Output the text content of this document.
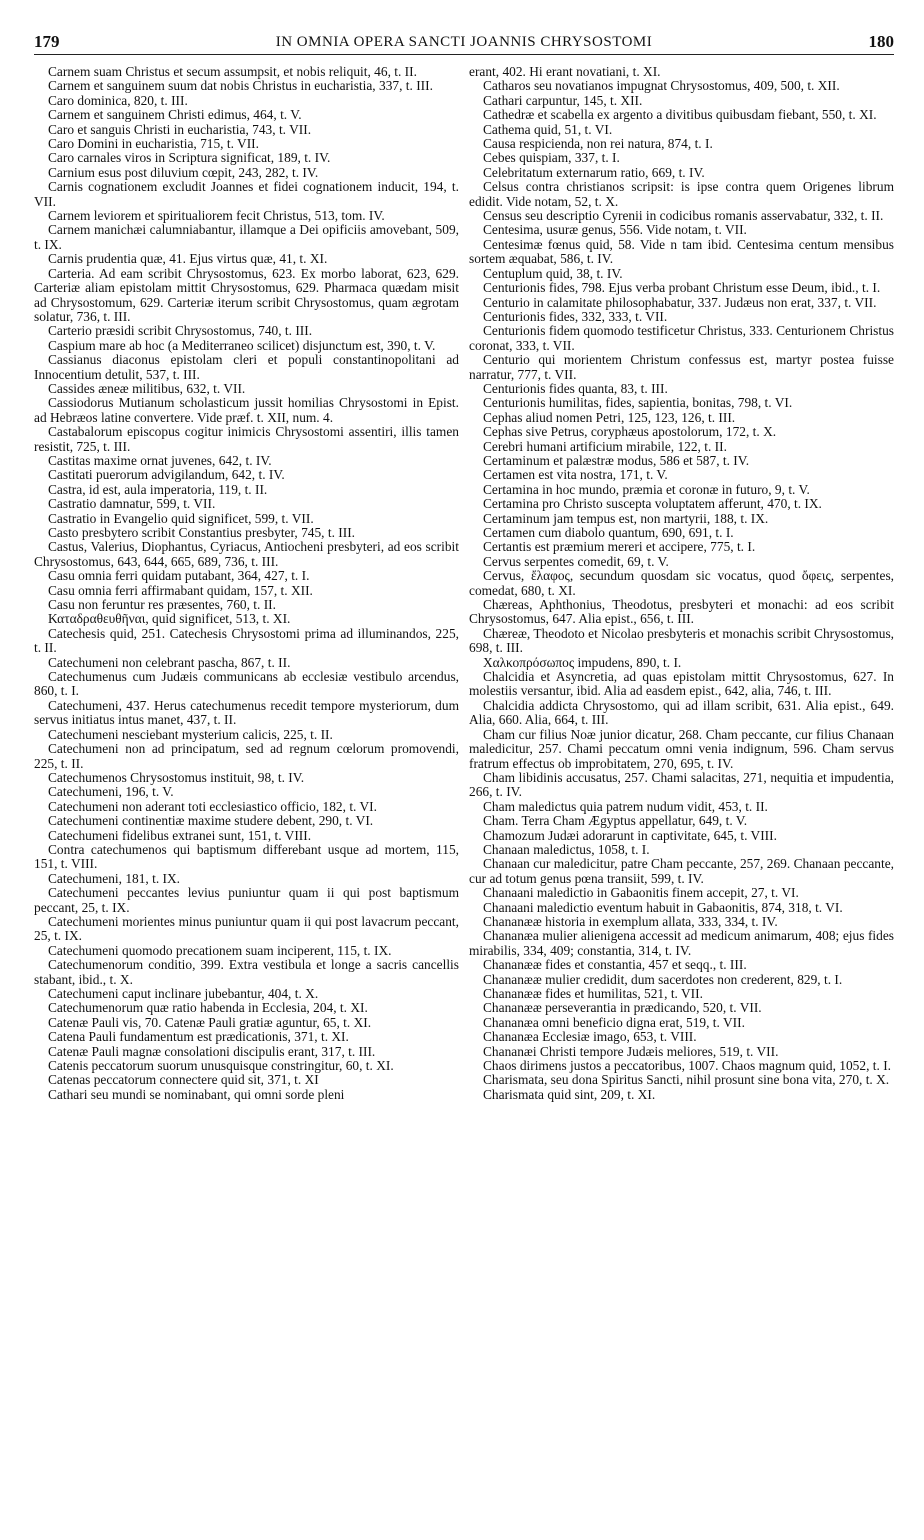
179	IN OMNIA OPERA SANCTI JOANNIS CHRYSOSTOMI	180

Carnem suam Christus et secum assumpsit, et nobis reliquit, 46, t. II.

Carnem et sanguinem suum dat nobis Christus in eucharistia, 337, t. III.

Caro dominica, 820, t. III.

Carnem et sanguinem Christi edimus, 464, t. V.

Caro et sanguis Christi in eucharistia, 743, t. VII.

Caro Domini in eucharistia, 715, t. VII.

Caro carnales viros in Scriptura significat, 189, t. IV.

Carnium esus post diluvium cœpit, 243, 282, t. IV.

Carnis cognationem excludit Joannes et fidei cognationem inducit, 194, t. VII.

Carnem leviorem et spiritualiorem fecit Christus, 513, tom. IV.

Carnem manichæi calumniabantur, illamque a Dei opificiis amovebant, 509, t. IX.

Carnis prudentia quæ, 41. Ejus virtus quæ, 41, t. XI.

Carteria. Ad eam scribit Chrysostomus, 623. Ex morbo laborat, 623, 629. Carteriæ aliam epistolam mittit Chrysostomus, 629. Pharmaca quædam misit ad Chrysostomum, 629. Carteriæ iterum scribit Chrysostomus, quam ægrotam solatur, 736, t. III.

Carterio præsidi scribit Chrysostomus, 740, t. III.

Caspium mare ab hoc (a Mediterraneo scilicet) disjunctum est, 390, t. V.

Cassianus diaconus epistolam cleri et populi constantinopolitani ad Innocentium detulit, 537, t. III.

Cassides æneæ militibus, 632, t. VII.

Cassiodorus Mutianum scholasticum jussit homilias Chrysostomi in Epist. ad Hebræos latine convertere. Vide præf. t. XII, num. 4.

Castabalorum episcopus cogitur inimicis Chrysostomi assentiri, illis tamen resistit, 725, t. III.

Castitas maxime ornat juvenes, 642, t. IV.

Castitati puerorum advigilandum, 642, t. IV.

Castra, id est, aula imperatoria, 119, t. II.

Castratio damnatur, 599, t. VII.

Castratio in Evangelio quid significet, 599, t. VII.

Casto presbytero scribit Constantius presbyter, 745, t. III.

Castus, Valerius, Diophantus, Cyriacus, Antiocheni presbyteri, ad eos scribit Chrysostomus, 643, 644, 665, 689, 736, t. III.

Casu omnia ferri quidam putabant, 364, 427, t. I.

Casu omnia ferri affirmabant quidam, 157, t. XII.

Casu non feruntur res præsentes, 760, t. II.

Καταδραθευθῆναι, quid significet, 513, t. XI.

Catechesis quid, 251. Catechesis Chrysostomi prima ad illuminandos, 225, t. II.

Catechumeni non celebrant pascha, 867, t. II.

Catechumenus cum Judæis communicans ab ecclesiæ vestibulo arcendus, 860, t. I.

Catechumeni, 437. Herus catechumenus recedit tempore mysteriorum, dum servus initiatus intus manet, 437, t. II.

Catechumeni nesciebant mysterium calicis, 225, t. II.

Catechumeni non ad principatum, sed ad regnum cœlorum promovendi, 225, t. II.

Catechumenos Chrysostomus instituit, 98, t. IV.

Catechumeni, 196, t. V.

Catechumeni non aderant toti ecclesiastico officio, 182, t. VI.

Catechumeni continentiæ maxime studere debent, 290, t. VI.

Catechumeni fidelibus extranei sunt, 151, t. VIII.

Contra catechumenos qui baptismum differebant usque ad mortem, 115, 151, t. VIII.

Catechumeni, 181, t. IX.

Catechumeni peccantes levius puniuntur quam ii qui post baptismum peccant, 25, t. IX.

Catechumeni morientes minus puniuntur quam ii qui post lavacrum peccant, 25, t. IX.

Catechumeni quomodo precationem suam inciperent, 115, t. IX.

Catechumenorum conditio, 399. Extra vestibula et longe a sacris cancellis stabant, ibid., t. X.

Catechumeni caput inclinare jubebantur, 404, t. X.

Catechumenorum quæ ratio habenda in Ecclesia, 204, t. XI.

Catenæ Pauli vis, 70. Catenæ Pauli gratiæ aguntur, 65, t. XI.

Catena Pauli fundamentum est prædicationis, 371, t. XI.

Catenæ Pauli magnæ consolationi discipulis erant, 317, t. III.

Catenis peccatorum suorum unusquisque constringitur, 60, t. XI.

Catenas peccatorum connectere quid sit, 371, t. XI

Cathari seu mundi se nominabant, qui omni sorde pleni

erant, 402. Hi erant novatiani, t. XI.

Catharos seu novatianos impugnat Chrysostomus, 409, 500, t. XII.

Cathari carpuntur, 145, t. XII.

Cathedræ et scabella ex argento a divitibus quibusdam fiebant, 550, t. XI.

Cathema quid, 51, t. VI.

Causa respicienda, non rei natura, 874, t. I.

Cebes quispiam, 337, t. I.

Celebritatum externarum ratio, 669, t. IV.

Celsus contra christianos scripsit: is ipse contra quem Origenes librum edidit. Vide notam, 52, t. X.

Census seu descriptio Cyrenii in codicibus romanis asservabatur, 332, t. II.

Centesima, usuræ genus, 556. Vide notam, t. VII.

Centesimæ fœnus quid, 58. Vide n tam ibid. Centesima centum mensibus sortem æquabat, 586, t. IV.

Centuplum quid, 38, t. IV.

Centurionis fides, 798. Ejus verba probant Christum esse Deum, ibid., t. I.

Centurio in calamitate philosophabatur, 337. Judæus non erat, 337, t. VII.

Centurionis fides, 332, 333, t. VII.

Centurionis fidem quomodo testificetur Christus, 333. Centurionem Christus coronat, 333, t. VII.

Centurio qui morientem Christum confessus est, martyr postea fuisse narratur, 777, t. VII.

Centurionis fides quanta, 83, t. III.

Centurionis humilitas, fides, sapientia, bonitas, 798, t. VI.

Cephas aliud nomen Petri, 125, 123, 126, t. III.

Cephas sive Petrus, coryphæus apostolorum, 172, t. X.

Cerebri humani artificium mirabile, 122, t. II.

Certaminum et palæstræ modus, 586 et 587, t. IV.

Certamen est vita nostra, 171, t. V.

Certamina in hoc mundo, præmia et coronæ in futuro, 9, t. V.

Certamina pro Christo suscepta voluptatem afferunt, 470, t. IX.

Certaminum jam tempus est, non martyrii, 188, t. IX.

Certamen cum diabolo quantum, 690, 691, t. I.

Certantis est præmium mereri et accipere, 775, t. I.

Cervus serpentes comedit, 69, t. V.

Cervus, ἔλαφος, secundum quosdam sic vocatus, quod ὄφεις, serpentes, comedat, 680, t. XI.

Chæreas, Aphthonius, Theodotus, presbyteri et monachi: ad eos scribit Chrysostomus, 647. Alia epist., 656, t. III.

Chæreæ, Theodoto et Nicolao presbyteris et monachis scribit Chrysostomus, 698, t. III.

Χαλκοπρόσωπος impudens, 890, t. I.

Chalcidia et Asyncretia, ad quas epistolam mittit Chrysostomus, 627. In molestiis versantur, ibid. Alia ad easdem epist., 642, alia, 746, t. III.

Chalcidia addicta Chrysostomo, qui ad illam scribit, 631. Alia epist., 649. Alia, 660. Alia, 664, t. III.

Cham cur filius Noæ junior dicatur, 268. Cham peccante, cur filius Chanaan maledicitur, 257. Chami peccatum omni venia indignum, 596. Cham servus fratrum effectus ob improbitatem, 270, 695, t. IV.

Cham libidinis accusatus, 257. Chami salacitas, 271, nequitia et impudentia, 266, t. IV.

Cham maledictus quia patrem nudum vidit, 453, t. II.

Cham. Terra Cham Ægyptus appellatur, 649, t. V.

Chamozum Judæi adorarunt in captivitate, 645, t. VIII.

Chanaan maledictus, 1058, t. I.

Chanaan cur maledicitur, patre Cham peccante, 257, 269. Chanaan peccante, cur ad totum genus pœna transiit, 599, t. IV.

Chanaani maledictio in Gabaonitis finem accepit, 27, t. VI.

Chanaani maledictio eventum habuit in Gabaonitis, 874, 318, t. VI.

Chananææ historia in exemplum allata, 333, 334, t. IV.

Chananæa mulier alienigena accessit ad medicum animarum, 408; ejus fides mirabilis, 334, 409; constantia, 314, t. IV.

Chananææ fides et constantia, 457 et seqq., t. III.

Chananææ mulier credidit, dum sacerdotes non crederent, 829, t. I.

Chananææ fides et humilitas, 521, t. VII.

Chananææ perseverantia in prædicando, 520, t. VII.

Chananæa omni beneficio digna erat, 519, t. VII.

Chananæa Ecclesiæ imago, 653, t. VIII.

Chananæi Christi tempore Judæis meliores, 519, t. VII.

Chaos dirimens justos a peccatoribus, 1007. Chaos magnum quid, 1052, t. I.

Charismata, seu dona Spiritus Sancti, nihil prosunt sine bona vita, 270, t. X.

Charismata quid sint, 209, t. XI.
